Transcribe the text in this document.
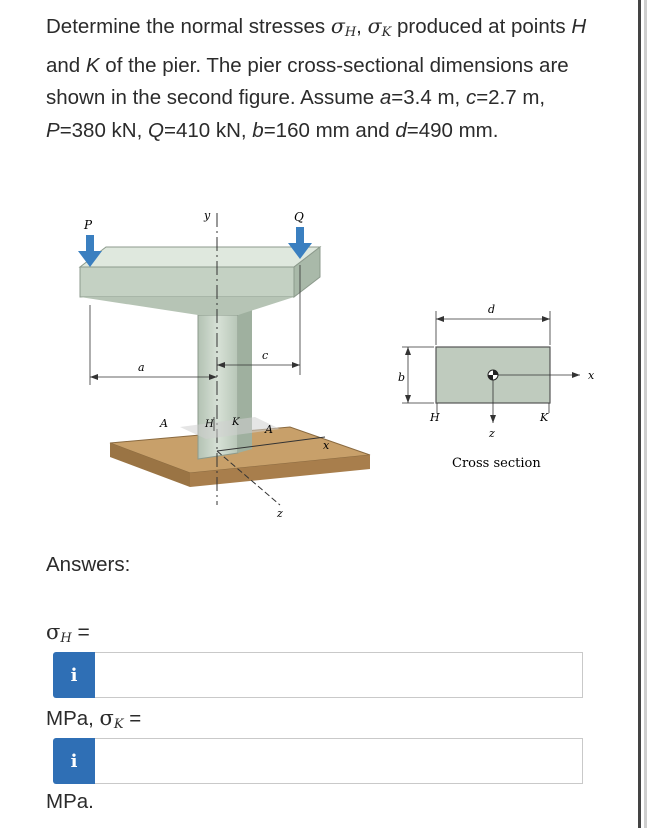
Determine the normal stresses $\sigma_H$, $\sigma_K$ produced at points H and K of the pier. The pier cross-sectional dimensions are shown in the second figure. Assume a=3.4 m, c=2.7 m, P=380 kN, Q=410 kN, b=160 mm and d=490 mm.

y
x
z
A	A
H K
P
Q
a
c
d
b	x
z
H	K
Cross section
Answers:
$\sigma_H$ =
i
MPa, $\sigma_K$ =
i
MPa.
